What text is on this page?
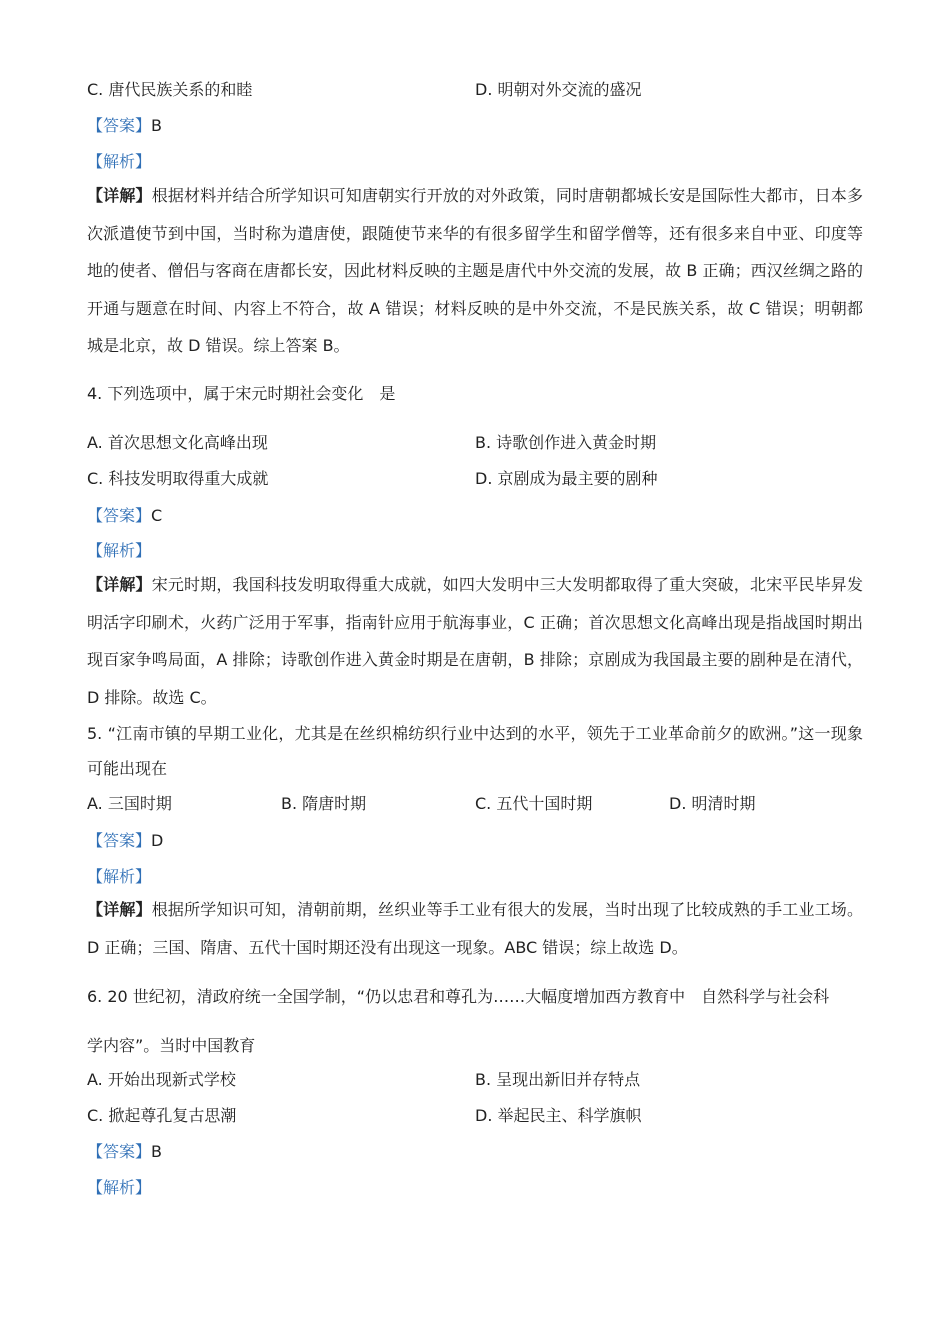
C. 唐代民族关系的和睦	D. 明朝对外交流的盛况
【答案】B
【解析】
【详解】根据材料并结合所学知识可知唐朝实行开放的对外政策，同时唐朝都城长安是国际性大都市，日本多次派遣使节到中国，当时称为遣唐使，跟随使节来华的有很多留学生和留学僧等，还有很多来自中亚、印度等地的使者、僧侣与客商在唐都长安，因此材料反映的主题是唐代中外交流的发展，故 B 正确；西汉丝绸之路的开通与题意在时间、内容上不符合，故 A 错误；材料反映的是中外交流，不是民族关系，故 C 错误；明朝都城是北京，故 D 错误。综上答案 B。
4. 下列选项中，属于宋元时期社会变化　是
A. 首次思想文化高峰出现	B. 诗歌创作进入黄金时期
C. 科技发明取得重大成就	D. 京剧成为最主要的剧种
【答案】C
【解析】
【详解】宋元时期，我国科技发明取得重大成就，如四大发明中三大发明都取得了重大突破，北宋平民毕昇发明活字印刷术，火药广泛用于军事，指南针应用于航海事业，C 正确；首次思想文化高峰出现是指战国时期出现百家争鸣局面，A 排除；诗歌创作进入黄金时期是在唐朝，B 排除；京剧成为我国最主要的剧种是在清代，D 排除。故选 C。
5. “江南市镇的早期工业化，尤其是在丝织棉纺织行业中达到的水平，领先于工业革命前夕的欧洲。”这一现象可能出现在
A. 三国时期	B. 隋唐时期	C. 五代十国时期	D. 明清时期
【答案】D
【解析】
【详解】根据所学知识可知，清朝前期，丝织业等手工业有很大的发展，当时出现了比较成熟的手工业工场。 D 正确；三国、隋唐、五代十国时期还没有出现这一现象。ABC 错误；综上故选 D。
6. 20 世纪初，清政府统一全国学制，“仍以忠君和尊孔为……大幅度增加西方教育中　自然科学与社会科
学内容”。当时中国教育
A. 开始出现新式学校	B. 呈现出新旧并存特点
C. 掀起尊孔复古思潮	D. 举起民主、科学旗帜
【答案】B
【解析】
